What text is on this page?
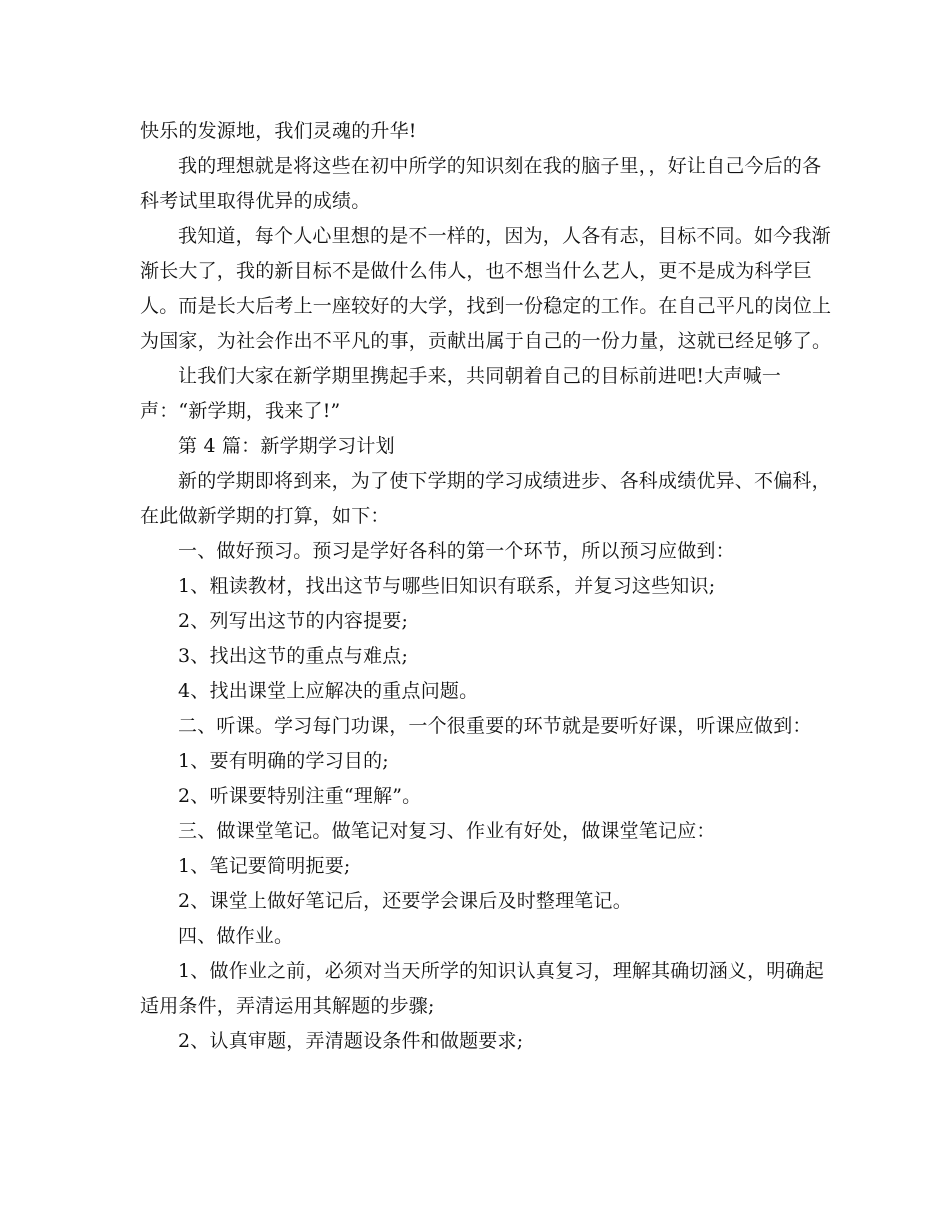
快乐的发源地，我们灵魂的升华!
我的理想就是将这些在初中所学的知识刻在我的脑子里，，好让自己今后的各
科考试里取得优异的成绩。
我知道，每个人心里想的是不一样的，因为，人各有志，目标不同。如今我渐
渐长大了，我的新目标不是做什么伟人，也不想当什么艺人，更不是成为科学巨
人。而是长大后考上一座较好的大学，找到一份稳定的工作。在自己平凡的岗位上
为国家，为社会作出不平凡的事，贡献出属于自己的一份力量，这就已经足够了。
让我们大家在新学期里携起手来，共同朝着自己的目标前进吧!大声喊一
声：“新学期，我来了!”
第 4 篇：新学期学习计划
新的学期即将到来，为了使下学期的学习成绩进步、各科成绩优异、不偏科，
在此做新学期的打算，如下：
一、做好预习。预习是学好各科的第一个环节，所以预习应做到：
1、粗读教材，找出这节与哪些旧知识有联系，并复习这些知识;
2、列写出这节的内容提要;
3、找出这节的重点与难点;
4、找出课堂上应解决的重点问题。
二、听课。学习每门功课，一个很重要的环节就是要听好课，听课应做到：
1、要有明确的学习目的;
2、听课要特别注重“理解”。
三、做课堂笔记。做笔记对复习、作业有好处，做课堂笔记应：
1、笔记要简明扼要;
2、课堂上做好笔记后，还要学会课后及时整理笔记。
四、做作业。
1、做作业之前，必须对当天所学的知识认真复习，理解其确切涵义，明确起
适用条件，弄清运用其解题的步骤;
2、认真审题，弄清题设条件和做题要求;
